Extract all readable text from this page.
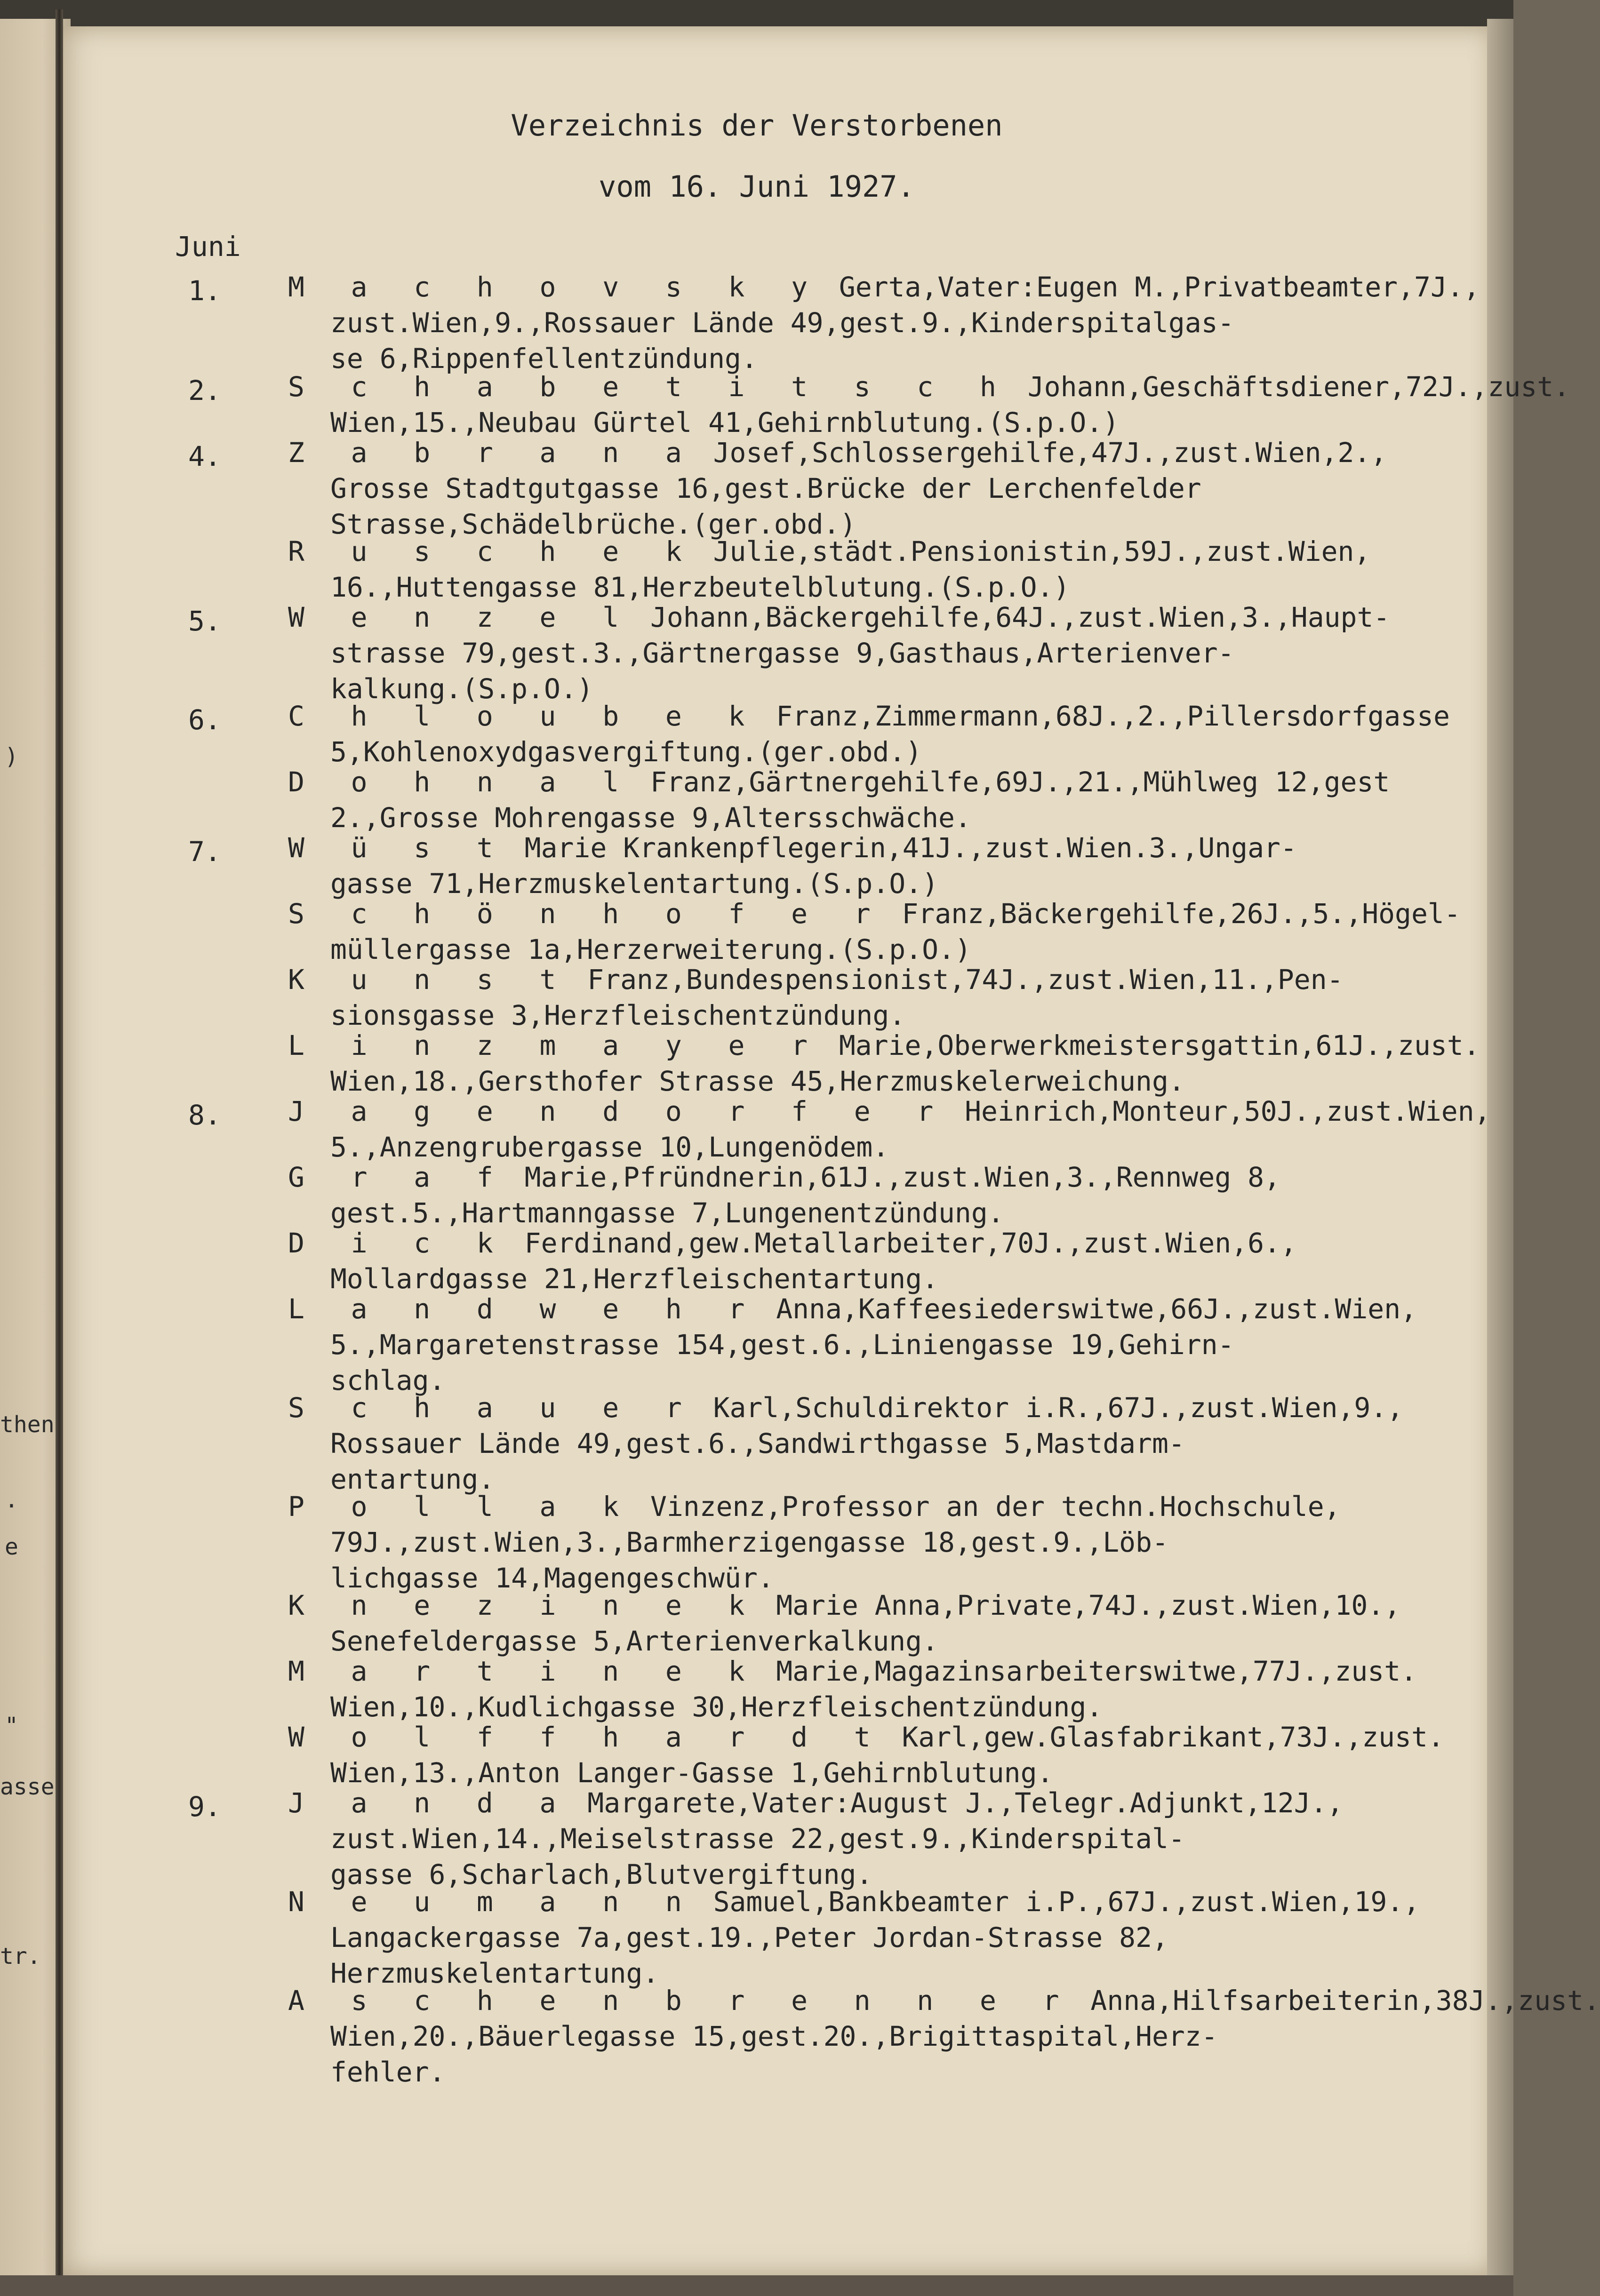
)
then
.
e
"
asse
tr.
Verzeichnis der Verstorbenen
vom 16. Juni 1927.
Juni
1. M a c h o v s k y Gerta,Vater:Eugen M.,Privatbeamter,7J.,
zust.Wien,9.,Rossauer Lände 49,gest.9.,Kinderspitalgas-
se 6,Rippenfellentzündung.
2. S c h a b e t i t s c h Johann,Geschäftsdiener,72J.,zust.
Wien,15.,Neubau Gürtel 41,Gehirnblutung.(S.p.O.)
4. Z a b r a n a Josef,Schlossergehilfe,47J.,zust.Wien,2.,
Grosse Stadtgutgasse 16,gest.Brücke der Lerchenfelder
Strasse,Schädelbrüche.(ger.obd.)
R u s c h e k Julie,städt.Pensionistin,59J.,zust.Wien,
16.,Huttengasse 81,Herzbeutelblutung.(S.p.O.)
5. W e n z e l Johann,Bäckergehilfe,64J.,zust.Wien,3.,Haupt-
strasse 79,gest.3.,Gärtnergasse 9,Gasthaus,Arterienver-
kalkung.(S.p.O.)
6. C h l o u b e k Franz,Zimmermann,68J.,2.,Pillersdorfgasse
5,Kohlenoxydgasvergiftung.(ger.obd.)
D o h n a l Franz,Gärtnergehilfe,69J.,21.,Mühlweg 12,gest
2.,Grosse Mohrengasse 9,Altersschwäche.
7. W ü s t Marie Krankenpflegerin,41J.,zust.Wien.3.,Ungar-
gasse 71,Herzmuskelentartung.(S.p.O.)
S c h ö n h o f e r Franz,Bäckergehilfe,26J.,5.,Högel-
müllergasse 1a,Herzerweiterung.(S.p.O.)
K u n s t Franz,Bundespensionist,74J.,zust.Wien,11.,Pen-
sionsgasse 3,Herzfleischentzündung.
L i n z m a y e r Marie,Oberwerkmeistersgattin,61J.,zust.
Wien,18.,Gersthofer Strasse 45,Herzmuskelerweichung.
8. J a g e n d o r f e r Heinrich,Monteur,50J.,zust.Wien,
5.,Anzengrubergasse 10,Lungenödem.
G r a f Marie,Pfründnerin,61J.,zust.Wien,3.,Rennweg 8,
gest.5.,Hartmanngasse 7,Lungenentzündung.
D i c k Ferdinand,gew.Metallarbeiter,70J.,zust.Wien,6.,
Mollardgasse 21,Herzfleischentartung.
L a n d w e h r Anna,Kaffeesiederswitwe,66J.,zust.Wien,
5.,Margaretenstrasse 154,gest.6.,Liniengasse 19,Gehirn-
schlag.
S c h a u e r Karl,Schuldirektor i.R.,67J.,zust.Wien,9.,
Rossauer Lände 49,gest.6.,Sandwirthgasse 5,Mastdarm-
entartung.
P o l l a k Vinzenz,Professor an der techn.Hochschule,
79J.,zust.Wien,3.,Barmherzigengasse 18,gest.9.,Löb-
lichgasse 14,Magengeschwür.
K n e z i n e k Marie Anna,Private,74J.,zust.Wien,10.,
Senefeldergasse 5,Arterienverkalkung.
M a r t i n e k Marie,Magazinsarbeiterswitwe,77J.,zust.
Wien,10.,Kudlichgasse 30,Herzfleischentzündung.
W o l f f h a r d t Karl,gew.Glasfabrikant,73J.,zust.
Wien,13.,Anton Langer-Gasse 1,Gehirnblutung.
9. J a n d a Margarete,Vater:August J.,Telegr.Adjunkt,12J.,
zust.Wien,14.,Meiselstrasse 22,gest.9.,Kinderspital-
gasse 6,Scharlach,Blutvergiftung.
N e u m a n n Samuel,Bankbeamter i.P.,67J.,zust.Wien,19.,
Langackergasse 7a,gest.19.,Peter Jordan-Strasse 82,
Herzmuskelentartung.
A s c h e n b r e n n e r Anna,Hilfsarbeiterin,38J.,zust.
Wien,20.,Bäuerlegasse 15,gest.20.,Brigittaspital,Herz-
fehler.
